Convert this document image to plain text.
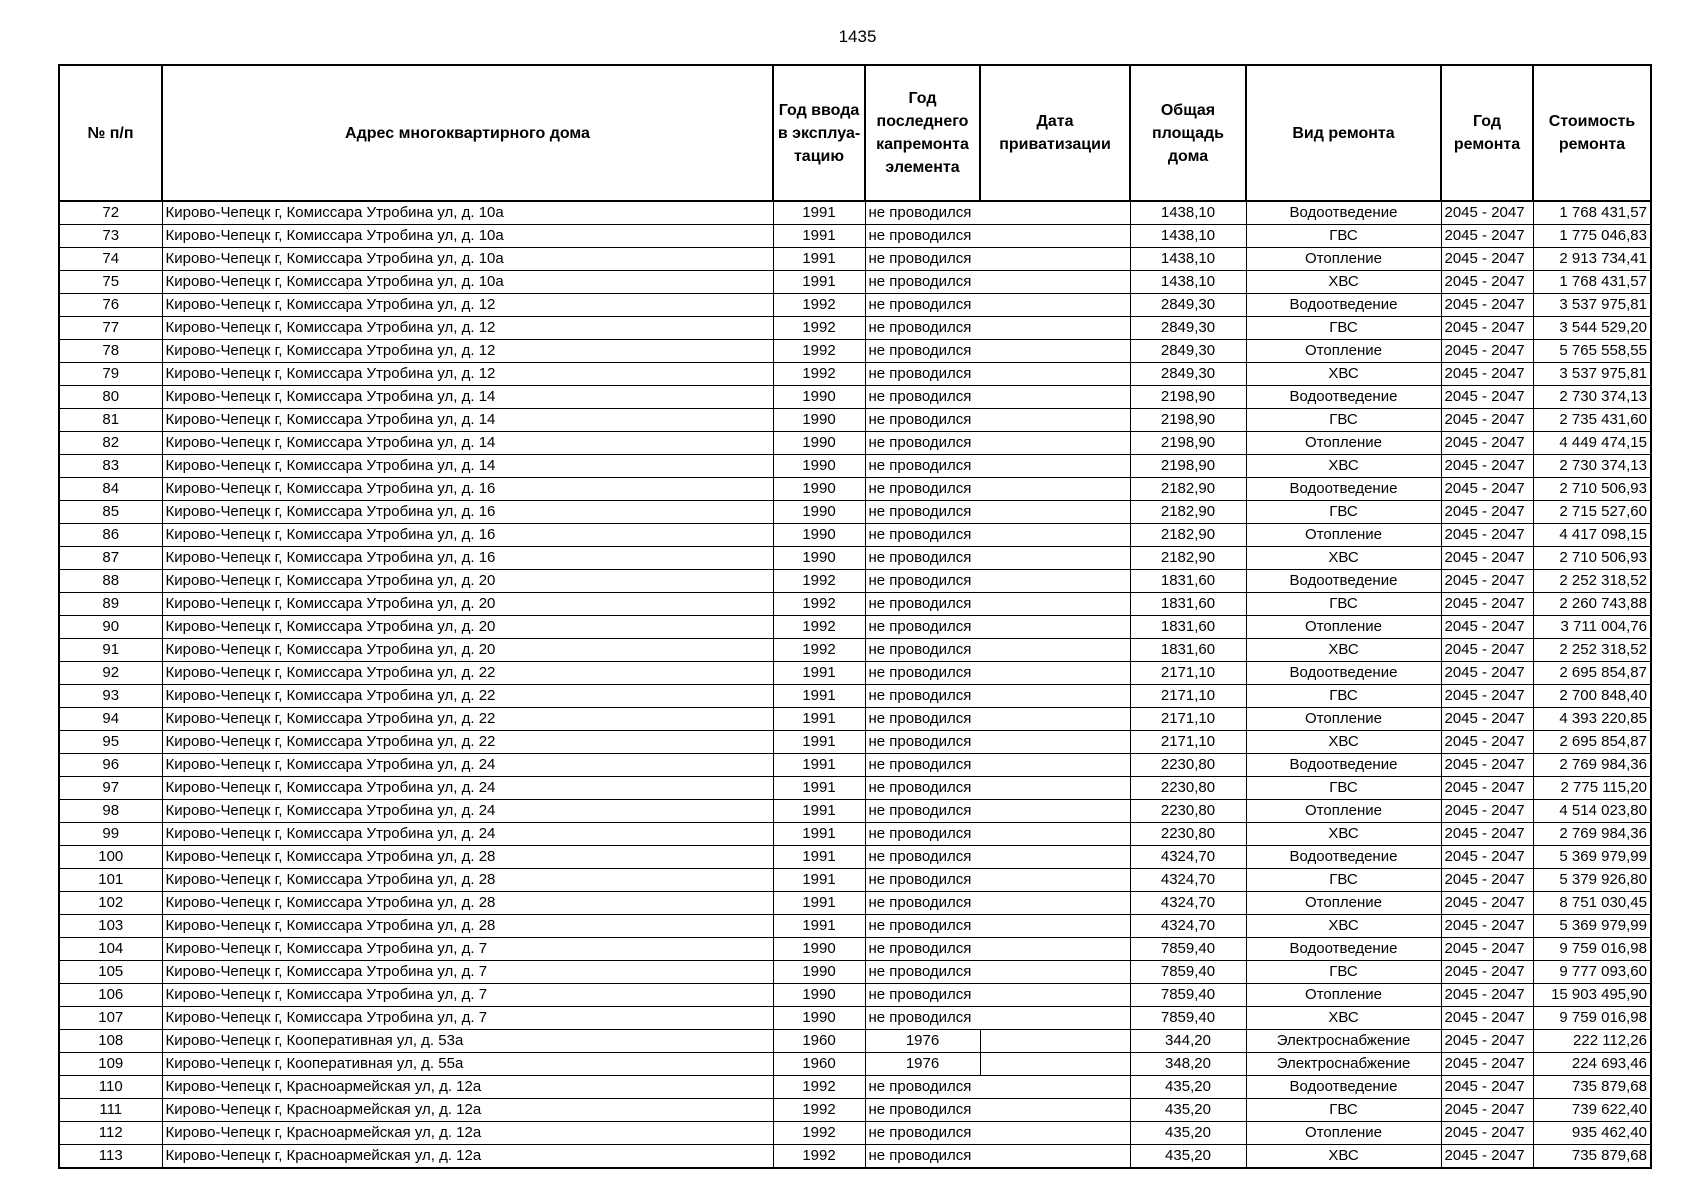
1435
№ п/п	Адрес многоквартирного дома	Год ввода в эксплуа-тацию	Год последнего капремонта элемента	Дата приватизации	Общая площадь дома	Вид ремонта	Год ремонта	Стоимость ремонта
72	Кирово-Чепецк г, Комиссара Утробина ул, д. 10а	1991	не проводился		1438,10	Водоотведение	2045 - 2047	1 768 431,57
73	Кирово-Чепецк г, Комиссара Утробина ул, д. 10а	1991	не проводился		1438,10	ГВС	2045 - 2047	1 775 046,83
74	Кирово-Чепецк г, Комиссара Утробина ул, д. 10а	1991	не проводился		1438,10	Отопление	2045 - 2047	2 913 734,41
75	Кирово-Чепецк г, Комиссара Утробина ул, д. 10а	1991	не проводился		1438,10	ХВС	2045 - 2047	1 768 431,57
76	Кирово-Чепецк г, Комиссара Утробина ул, д. 12	1992	не проводился		2849,30	Водоотведение	2045 - 2047	3 537 975,81
77	Кирово-Чепецк г, Комиссара Утробина ул, д. 12	1992	не проводился		2849,30	ГВС	2045 - 2047	3 544 529,20
78	Кирово-Чепецк г, Комиссара Утробина ул, д. 12	1992	не проводился		2849,30	Отопление	2045 - 2047	5 765 558,55
79	Кирово-Чепецк г, Комиссара Утробина ул, д. 12	1992	не проводился		2849,30	ХВС	2045 - 2047	3 537 975,81
80	Кирово-Чепецк г, Комиссара Утробина ул, д. 14	1990	не проводился		2198,90	Водоотведение	2045 - 2047	2 730 374,13
81	Кирово-Чепецк г, Комиссара Утробина ул, д. 14	1990	не проводился		2198,90	ГВС	2045 - 2047	2 735 431,60
82	Кирово-Чепецк г, Комиссара Утробина ул, д. 14	1990	не проводился		2198,90	Отопление	2045 - 2047	4 449 474,15
83	Кирово-Чепецк г, Комиссара Утробина ул, д. 14	1990	не проводился		2198,90	ХВС	2045 - 2047	2 730 374,13
84	Кирово-Чепецк г, Комиссара Утробина ул, д. 16	1990	не проводился		2182,90	Водоотведение	2045 - 2047	2 710 506,93
85	Кирово-Чепецк г, Комиссара Утробина ул, д. 16	1990	не проводился		2182,90	ГВС	2045 - 2047	2 715 527,60
86	Кирово-Чепецк г, Комиссара Утробина ул, д. 16	1990	не проводился		2182,90	Отопление	2045 - 2047	4 417 098,15
87	Кирово-Чепецк г, Комиссара Утробина ул, д. 16	1990	не проводился		2182,90	ХВС	2045 - 2047	2 710 506,93
88	Кирово-Чепецк г, Комиссара Утробина ул, д. 20	1992	не проводился		1831,60	Водоотведение	2045 - 2047	2 252 318,52
89	Кирово-Чепецк г, Комиссара Утробина ул, д. 20	1992	не проводился		1831,60	ГВС	2045 - 2047	2 260 743,88
90	Кирово-Чепецк г, Комиссара Утробина ул, д. 20	1992	не проводился		1831,60	Отопление	2045 - 2047	3 711 004,76
91	Кирово-Чепецк г, Комиссара Утробина ул, д. 20	1992	не проводился		1831,60	ХВС	2045 - 2047	2 252 318,52
92	Кирово-Чепецк г, Комиссара Утробина ул, д. 22	1991	не проводился		2171,10	Водоотведение	2045 - 2047	2 695 854,87
93	Кирово-Чепецк г, Комиссара Утробина ул, д. 22	1991	не проводился		2171,10	ГВС	2045 - 2047	2 700 848,40
94	Кирово-Чепецк г, Комиссара Утробина ул, д. 22	1991	не проводился		2171,10	Отопление	2045 - 2047	4 393 220,85
95	Кирово-Чепецк г, Комиссара Утробина ул, д. 22	1991	не проводился		2171,10	ХВС	2045 - 2047	2 695 854,87
96	Кирово-Чепецк г, Комиссара Утробина ул, д. 24	1991	не проводился		2230,80	Водоотведение	2045 - 2047	2 769 984,36
97	Кирово-Чепецк г, Комиссара Утробина ул, д. 24	1991	не проводился		2230,80	ГВС	2045 - 2047	2 775 115,20
98	Кирово-Чепецк г, Комиссара Утробина ул, д. 24	1991	не проводился		2230,80	Отопление	2045 - 2047	4 514 023,80
99	Кирово-Чепецк г, Комиссара Утробина ул, д. 24	1991	не проводился		2230,80	ХВС	2045 - 2047	2 769 984,36
100	Кирово-Чепецк г, Комиссара Утробина ул, д. 28	1991	не проводился		4324,70	Водоотведение	2045 - 2047	5 369 979,99
101	Кирово-Чепецк г, Комиссара Утробина ул, д. 28	1991	не проводился		4324,70	ГВС	2045 - 2047	5 379 926,80
102	Кирово-Чепецк г, Комиссара Утробина ул, д. 28	1991	не проводился		4324,70	Отопление	2045 - 2047	8 751 030,45
103	Кирово-Чепецк г, Комиссара Утробина ул, д. 28	1991	не проводился		4324,70	ХВС	2045 - 2047	5 369 979,99
104	Кирово-Чепецк г, Комиссара Утробина ул, д. 7	1990	не проводился		7859,40	Водоотведение	2045 - 2047	9 759 016,98
105	Кирово-Чепецк г, Комиссара Утробина ул, д. 7	1990	не проводился		7859,40	ГВС	2045 - 2047	9 777 093,60
106	Кирово-Чепецк г, Комиссара Утробина ул, д. 7	1990	не проводился		7859,40	Отопление	2045 - 2047	15 903 495,90
107	Кирово-Чепецк г, Комиссара Утробина ул, д. 7	1990	не проводился		7859,40	ХВС	2045 - 2047	9 759 016,98
108	Кирово-Чепецк г, Кооперативная ул, д. 53а	1960	1976		344,20	Электроснабжение	2045 - 2047	222 112,26
109	Кирово-Чепецк г, Кооперативная ул, д. 55а	1960	1976		348,20	Электроснабжение	2045 - 2047	224 693,46
110	Кирово-Чепецк г, Красноармейская ул, д. 12а	1992	не проводился		435,20	Водоотведение	2045 - 2047	735 879,68
111	Кирово-Чепецк г, Красноармейская ул, д. 12а	1992	не проводился		435,20	ГВС	2045 - 2047	739 622,40
112	Кирово-Чепецк г, Красноармейская ул, д. 12а	1992	не проводился		435,20	Отопление	2045 - 2047	935 462,40
113	Кирово-Чепецк г, Красноармейская ул, д. 12а	1992	не проводился		435,20	ХВС	2045 - 2047	735 879,68
